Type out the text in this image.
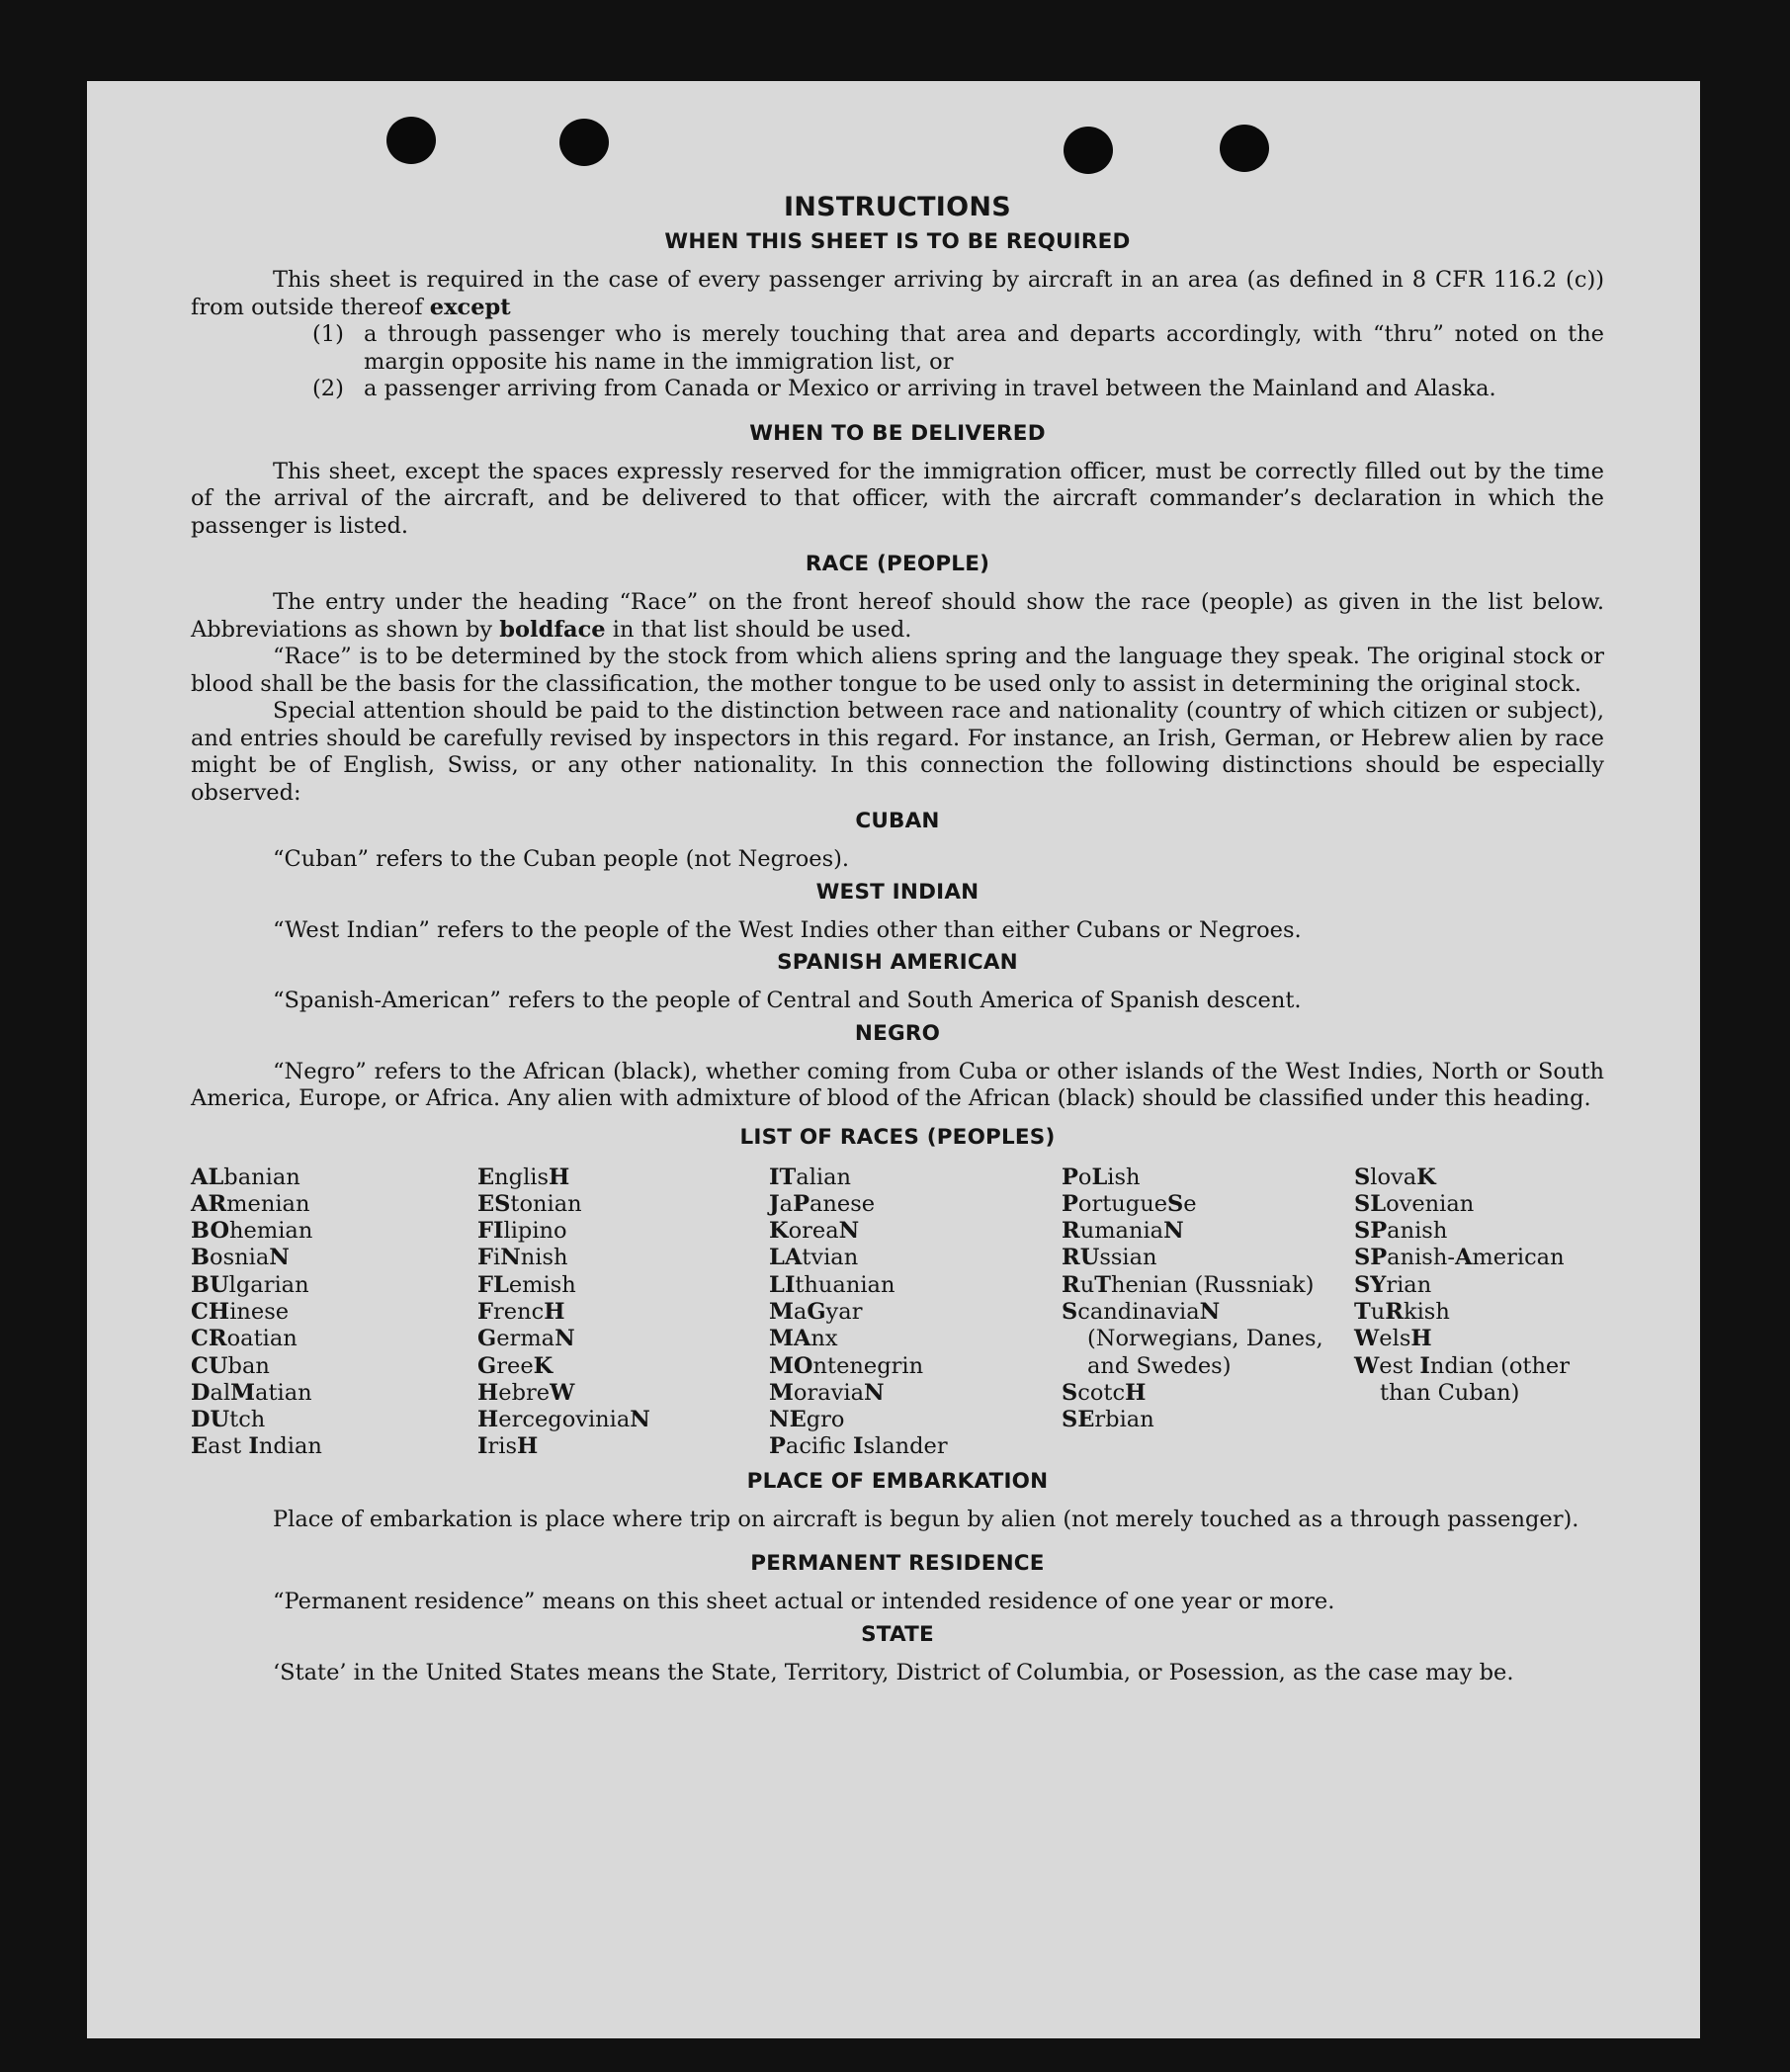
INSTRUCTIONS
WHEN THIS SHEET IS TO BE REQUIRED

This sheet is required in the case of every passenger arriving by aircraft in an area (as defined in 8 CFR 116.2 (c)) from outside thereof except

(1) a through passenger who is merely touching that area and departs accordingly, with “thru” noted on the margin opposite his name in the immigration list, or
(2) a passenger arriving from Canada or Mexico or arriving in travel between the Mainland and Alaska.
WHEN TO BE DELIVERED

This sheet, except the spaces expressly reserved for the immigration officer, must be correctly filled out by the time of the arrival of the aircraft, and be delivered to that officer, with the aircraft commander’s declaration in which the passenger is listed.

RACE (PEOPLE)

The entry under the heading “Race” on the front hereof should show the race (people) as given in the list below. Abbreviations as shown by boldface in that list should be used.

“Race” is to be determined by the stock from which aliens spring and the language they speak. The original stock or blood shall be the basis for the classification, the mother tongue to be used only to assist in determining the original stock.

Special attention should be paid to the distinction between race and nationality (country of which citizen or subject), and entries should be carefully revised by inspectors in this regard. For instance, an Irish, German, or Hebrew alien by race might be of English, Swiss, or any other nationality. In this connection the following distinctions should be especially observed:

CUBAN

“Cuban” refers to the Cuban people (not Negroes).

WEST INDIAN

“West Indian” refers to the people of the West Indies other than either Cubans or Negroes.

SPANISH AMERICAN

“Spanish-American” refers to the people of Central and South America of Spanish descent.

NEGRO

“Negro” refers to the African (black), whether coming from Cuba or other islands of the West Indies, North or South America, Europe, or Africa. Any alien with admixture of blood of the African (black) should be classified under this heading.

LIST OF RACES (PEOPLES)
ALbanian
ARmenian
BOhemian
BosniaN
BUlgarian
CHinese
CRoatian
CUban
DalMatian
DUtch
East Indian
EnglisH
EStonian
FIlipino
FiNnish
FLemish
FrencH
GermaN
GreeK
HebreW
HercegoviniaN
IrisH
ITalian
JaPanese
KoreaN
LAtvian
LIthuanian
MaGyar
MAnx
MOntenegrin
MoraviaN
NEgro
Pacifc Islander
PoLish
PortugueSe
RumaniaN
RUssian
RuThenian (Russniak)
ScandinaviaN (Norwegians, Danes, and Swedes)
ScotcH
SErbian
SlovaK
SLovenian
SPanish
SPanish-American
SYrian
TuRkish
WelsH
West Indian (other than Cuban)
PLACE OF EMBARKATION

Place of embarkation is place where trip on aircraft is begun by alien (not merely touched as a through passenger).

PERMANENT RESIDENCE

“Permanent residence” means on this sheet actual or intended residence of one year or more.

STATE

‘State’ in the United States means the State, Territory, District of Columbia, or Posession, as the case may be.
